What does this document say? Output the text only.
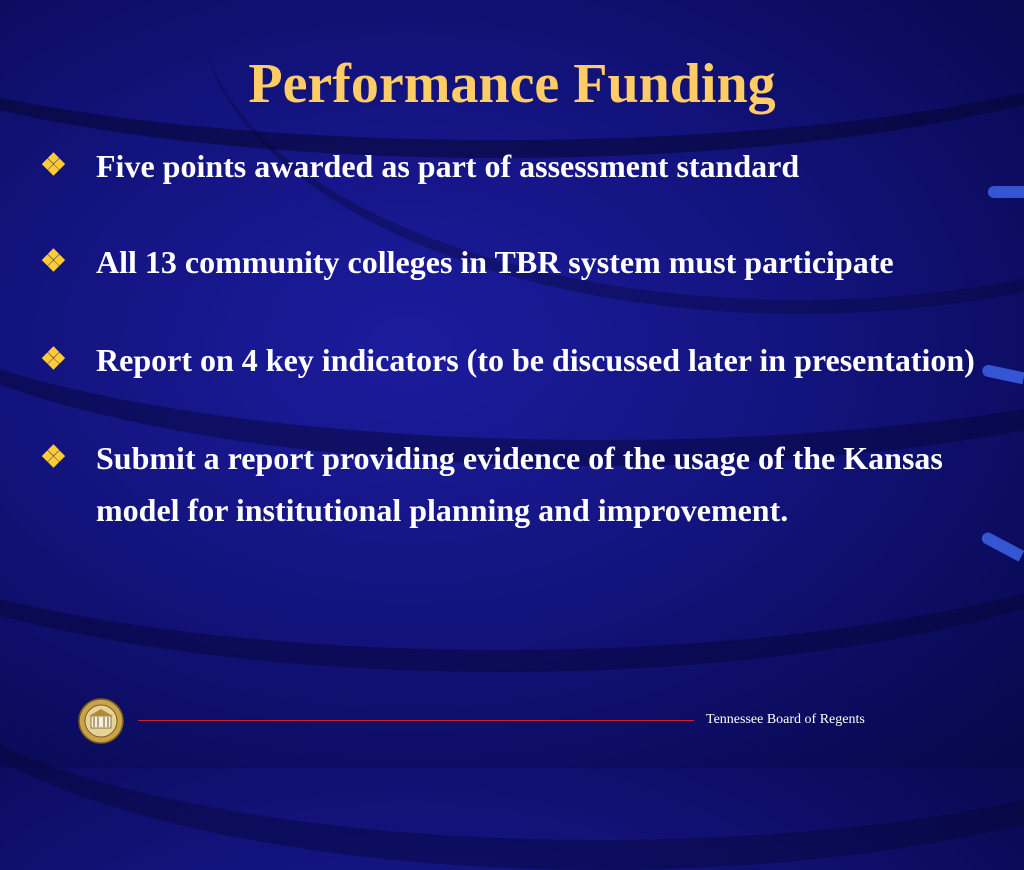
Performance Funding
❖ Five points awarded as part of assessment standard
❖ All 13 community colleges in TBR system must participate
❖ Report on 4 key indicators (to be discussed later in presentation)
❖ Submit a report providing evidence of the usage of the Kansas model for institutional planning and improvement.
Tennessee Board of Regents
